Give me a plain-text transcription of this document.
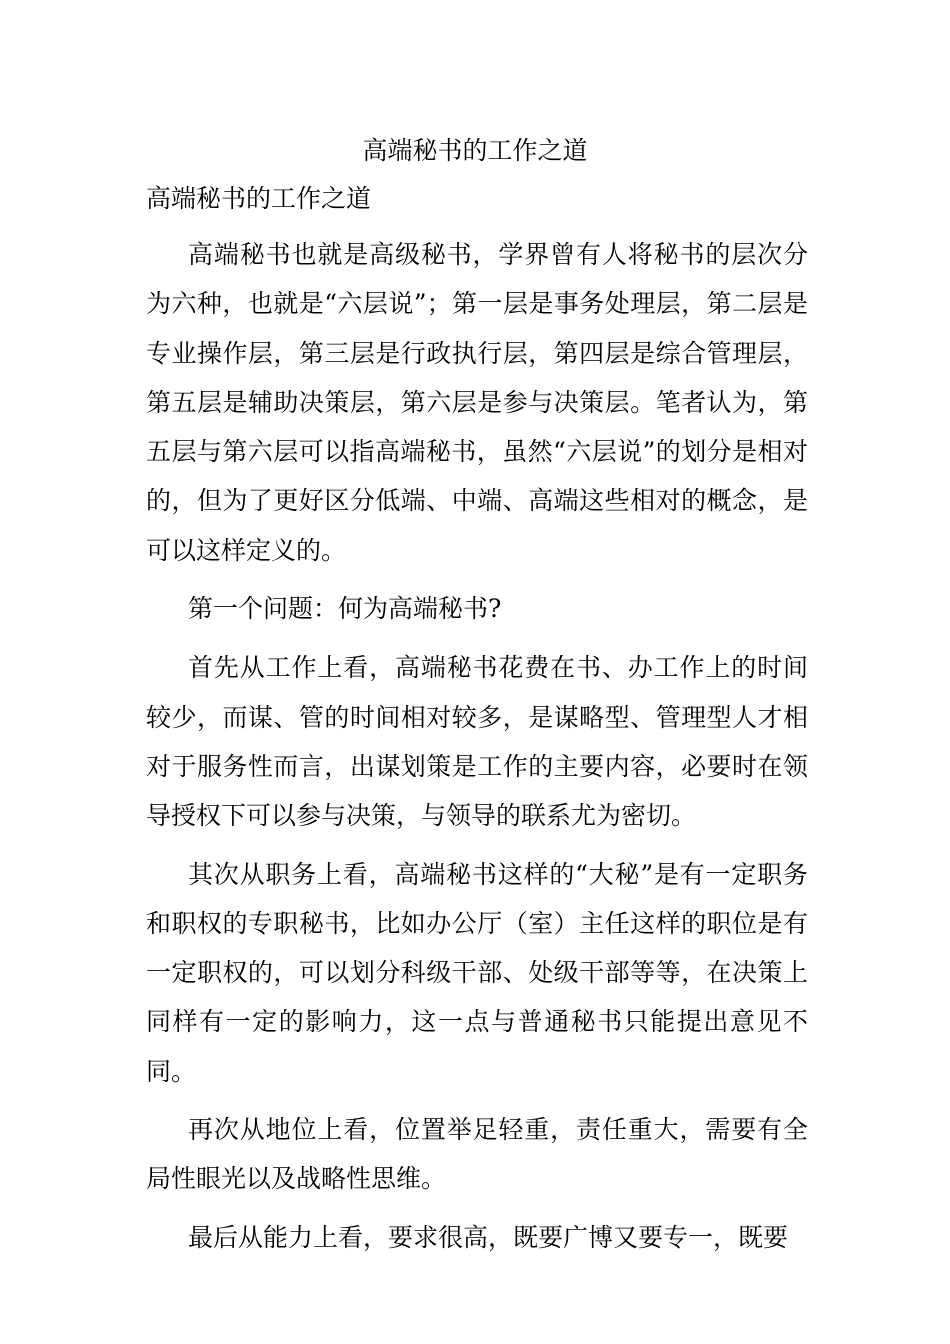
高端秘书的工作之道
高端秘书的工作之道

高端秘书也就是高级秘书，学界曾有人将秘书的层次分为六种，也就是“六层说”；第一层是事务处理层，第二层是专业操作层，第三层是行政执行层，第四层是综合管理层，第五层是辅助决策层，第六层是参与决策层。笔者认为，第五层与第六层可以指高端秘书，虽然“六层说”的划分是相对的，但为了更好区分低端、中端、高端这些相对的概念，是可以这样定义的。

第一个问题：何为高端秘书?

首先从工作上看，高端秘书花费在书、办工作上的时间较少，而谋、管的时间相对较多，是谋略型、管理型人才相对于服务性而言，出谋划策是工作的主要内容，必要时在领导授权下可以参与决策，与领导的联系尤为密切。

其次从职务上看，高端秘书这样的“大秘”是有一定职务和职权的专职秘书，比如办公厅（室）主任这样的职位是有一定职权的，可以划分科级干部、处级干部等等，在决策上同样有一定的影响力，这一点与普通秘书只能提出意见不同。

再次从地位上看，位置举足轻重，责任重大，需要有全局性眼光以及战略性思维。

最后从能力上看，要求很高，既要广博又要专一，既要
